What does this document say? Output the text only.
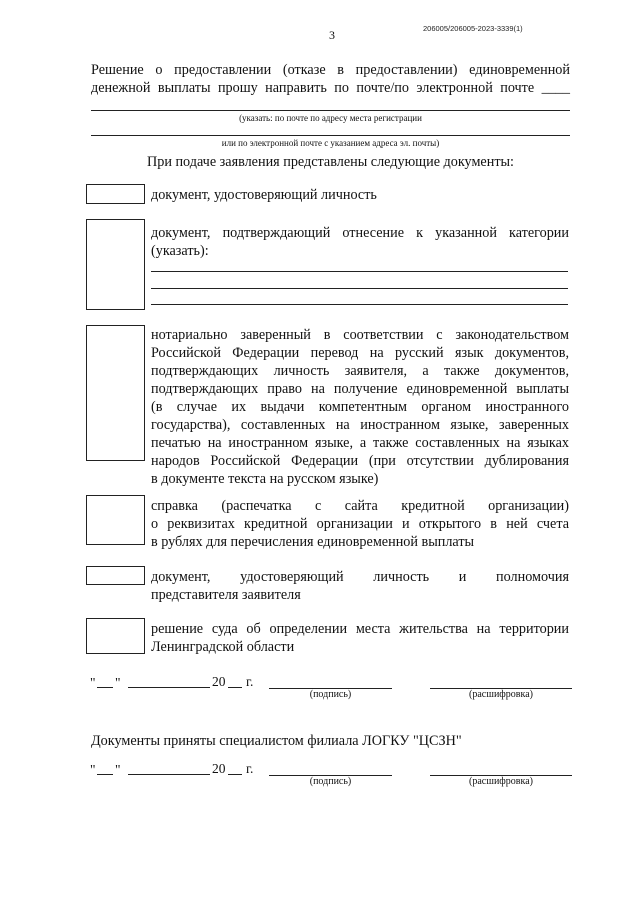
206005/206005-2023-3339(1)
3
Решение о предоставлении (отказе в предоставлении) единовременной
денежной выплаты прошу направить по почте/по электронной почте ____
(указать: по почте по адресу места регистрации
или по электронной почте с указанием адреса эл. почты)
При подаче заявления представлены следующие документы:
документ, удостоверяющий личность
документ, подтверждающий отнесение к указанной категории
(указать):
нотариально заверенный в соответствии с законодательством
Российской Федерации перевод на русский язык документов,
подтверждающих личность заявителя, а также документов,
подтверждающих право на получение единовременной выплаты
(в случае их выдачи компетентным органом иностранного
государства), составленных на иностранном языке, заверенных
печатью на иностранном языке, а также составленных на языках
народов Российской Федерации (при отсутствии дублирования
в документе текста на русском языке)
справка (распечатка с сайта кредитной организации)
о реквизитах кредитной организации и открытого в ней счета
в рублях для перечисления единовременной выплаты
документ, удостоверяющий личность и полномочия
представителя заявителя
решение суда об определении места жительства на территории
Ленинградской области
" "	20 г.
(подпись)	(расшифровка)
Документы приняты специалистом филиала ЛОГКУ "ЦСЗН"
" "	20 г.
(подпись)	(расшифровка)
